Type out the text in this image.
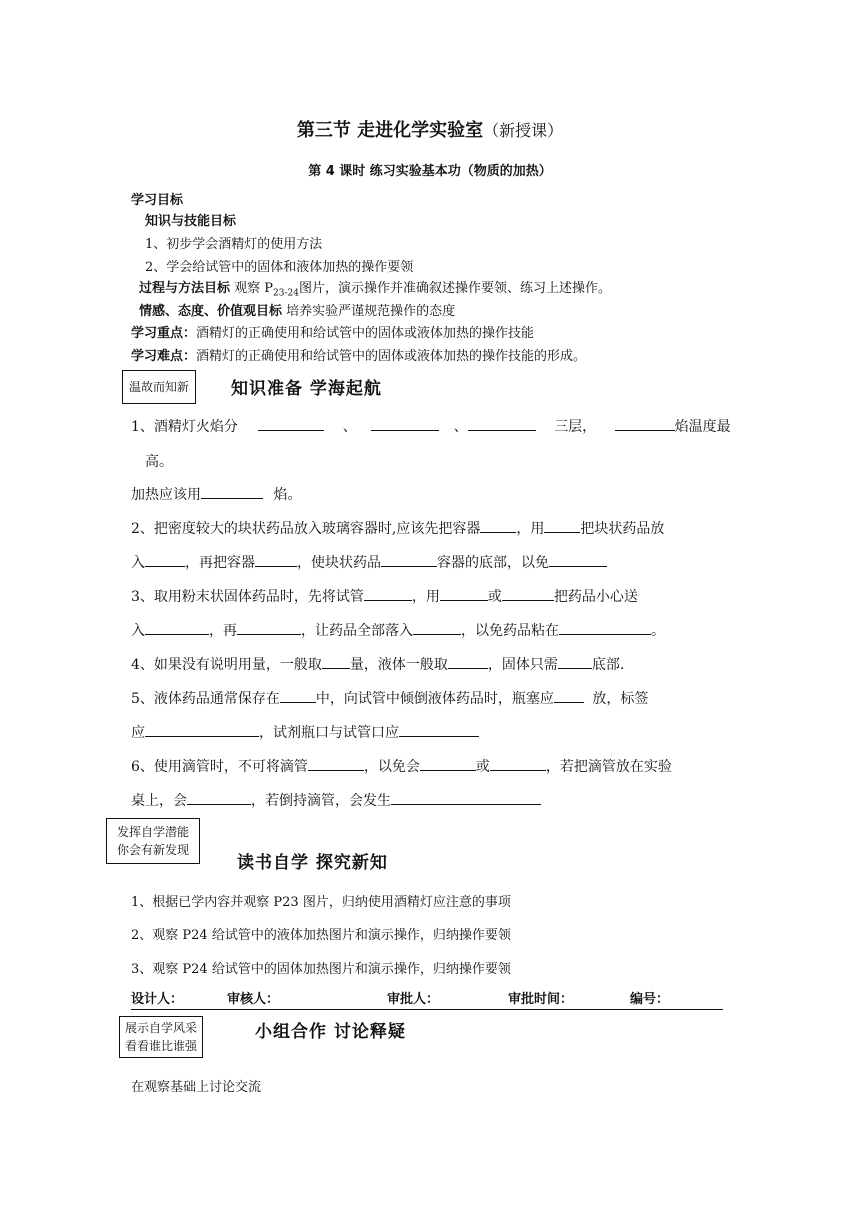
第三节 走进化学实验室（新授课）
第 4 课时 练习实验基本功（物质的加热）
学习目标
知识与技能目标
1、初步学会酒精灯的使用方法
2、学会给试管中的固体和液体加热的操作要领
过程与方法目标 观察 $P_{23-24}$图片，演示操作并准确叙述操作要领、练习上述操作。
情感、态度、价值观目标 培养实验严谨规范操作的态度
学习重点：酒精灯的正确使用和给试管中的固体或液体加热的操作技能
学习难点：酒精灯的正确使用和给试管中的固体或液体加热的操作技能的形成。
温故而知新	知识准备 学海起航
1、酒精灯火焰分	、	、	三层，	焰温度最
高。
加热应该用	焰。
2、把密度较大的块状药品放入玻璃容器时,应该先把容器	，用	把块状药品放
入	，再把容器	，使块状药品	容器的底部，以免
3、取用粉末状固体药品时，先将试管	，用	或	把药品小心送
入	，再	，让药品全部落入	，以免药品粘在	。
4、如果没有说明用量，一般取 量，液体一般取	，固体只需 底部.
5、液体药品通常保存在	中，向试管中倾倒液体药品时，瓶塞应	放，标签
应	，试剂瓶口与试管口应
6、使用滴管时，不可将滴管	，以免会	或	，若把滴管放在实验
桌上，会	，若倒持滴管，会发生
发挥自学潜能
你会有新发现
读书自学 探究新知
1、根据已学内容并观察 P23 图片，归纳使用酒精灯应注意的事项
2、观察 P24 给试管中的液体加热图片和演示操作，归纳操作要领
3、观察 P24 给试管中的固体加热图片和演示操作，归纳操作要领
设计人：	审核人：	审批人：	审批时间：	编号：
展示自学风采
看看谁比谁强
小组合作 讨论释疑
在观察基础上讨论交流
